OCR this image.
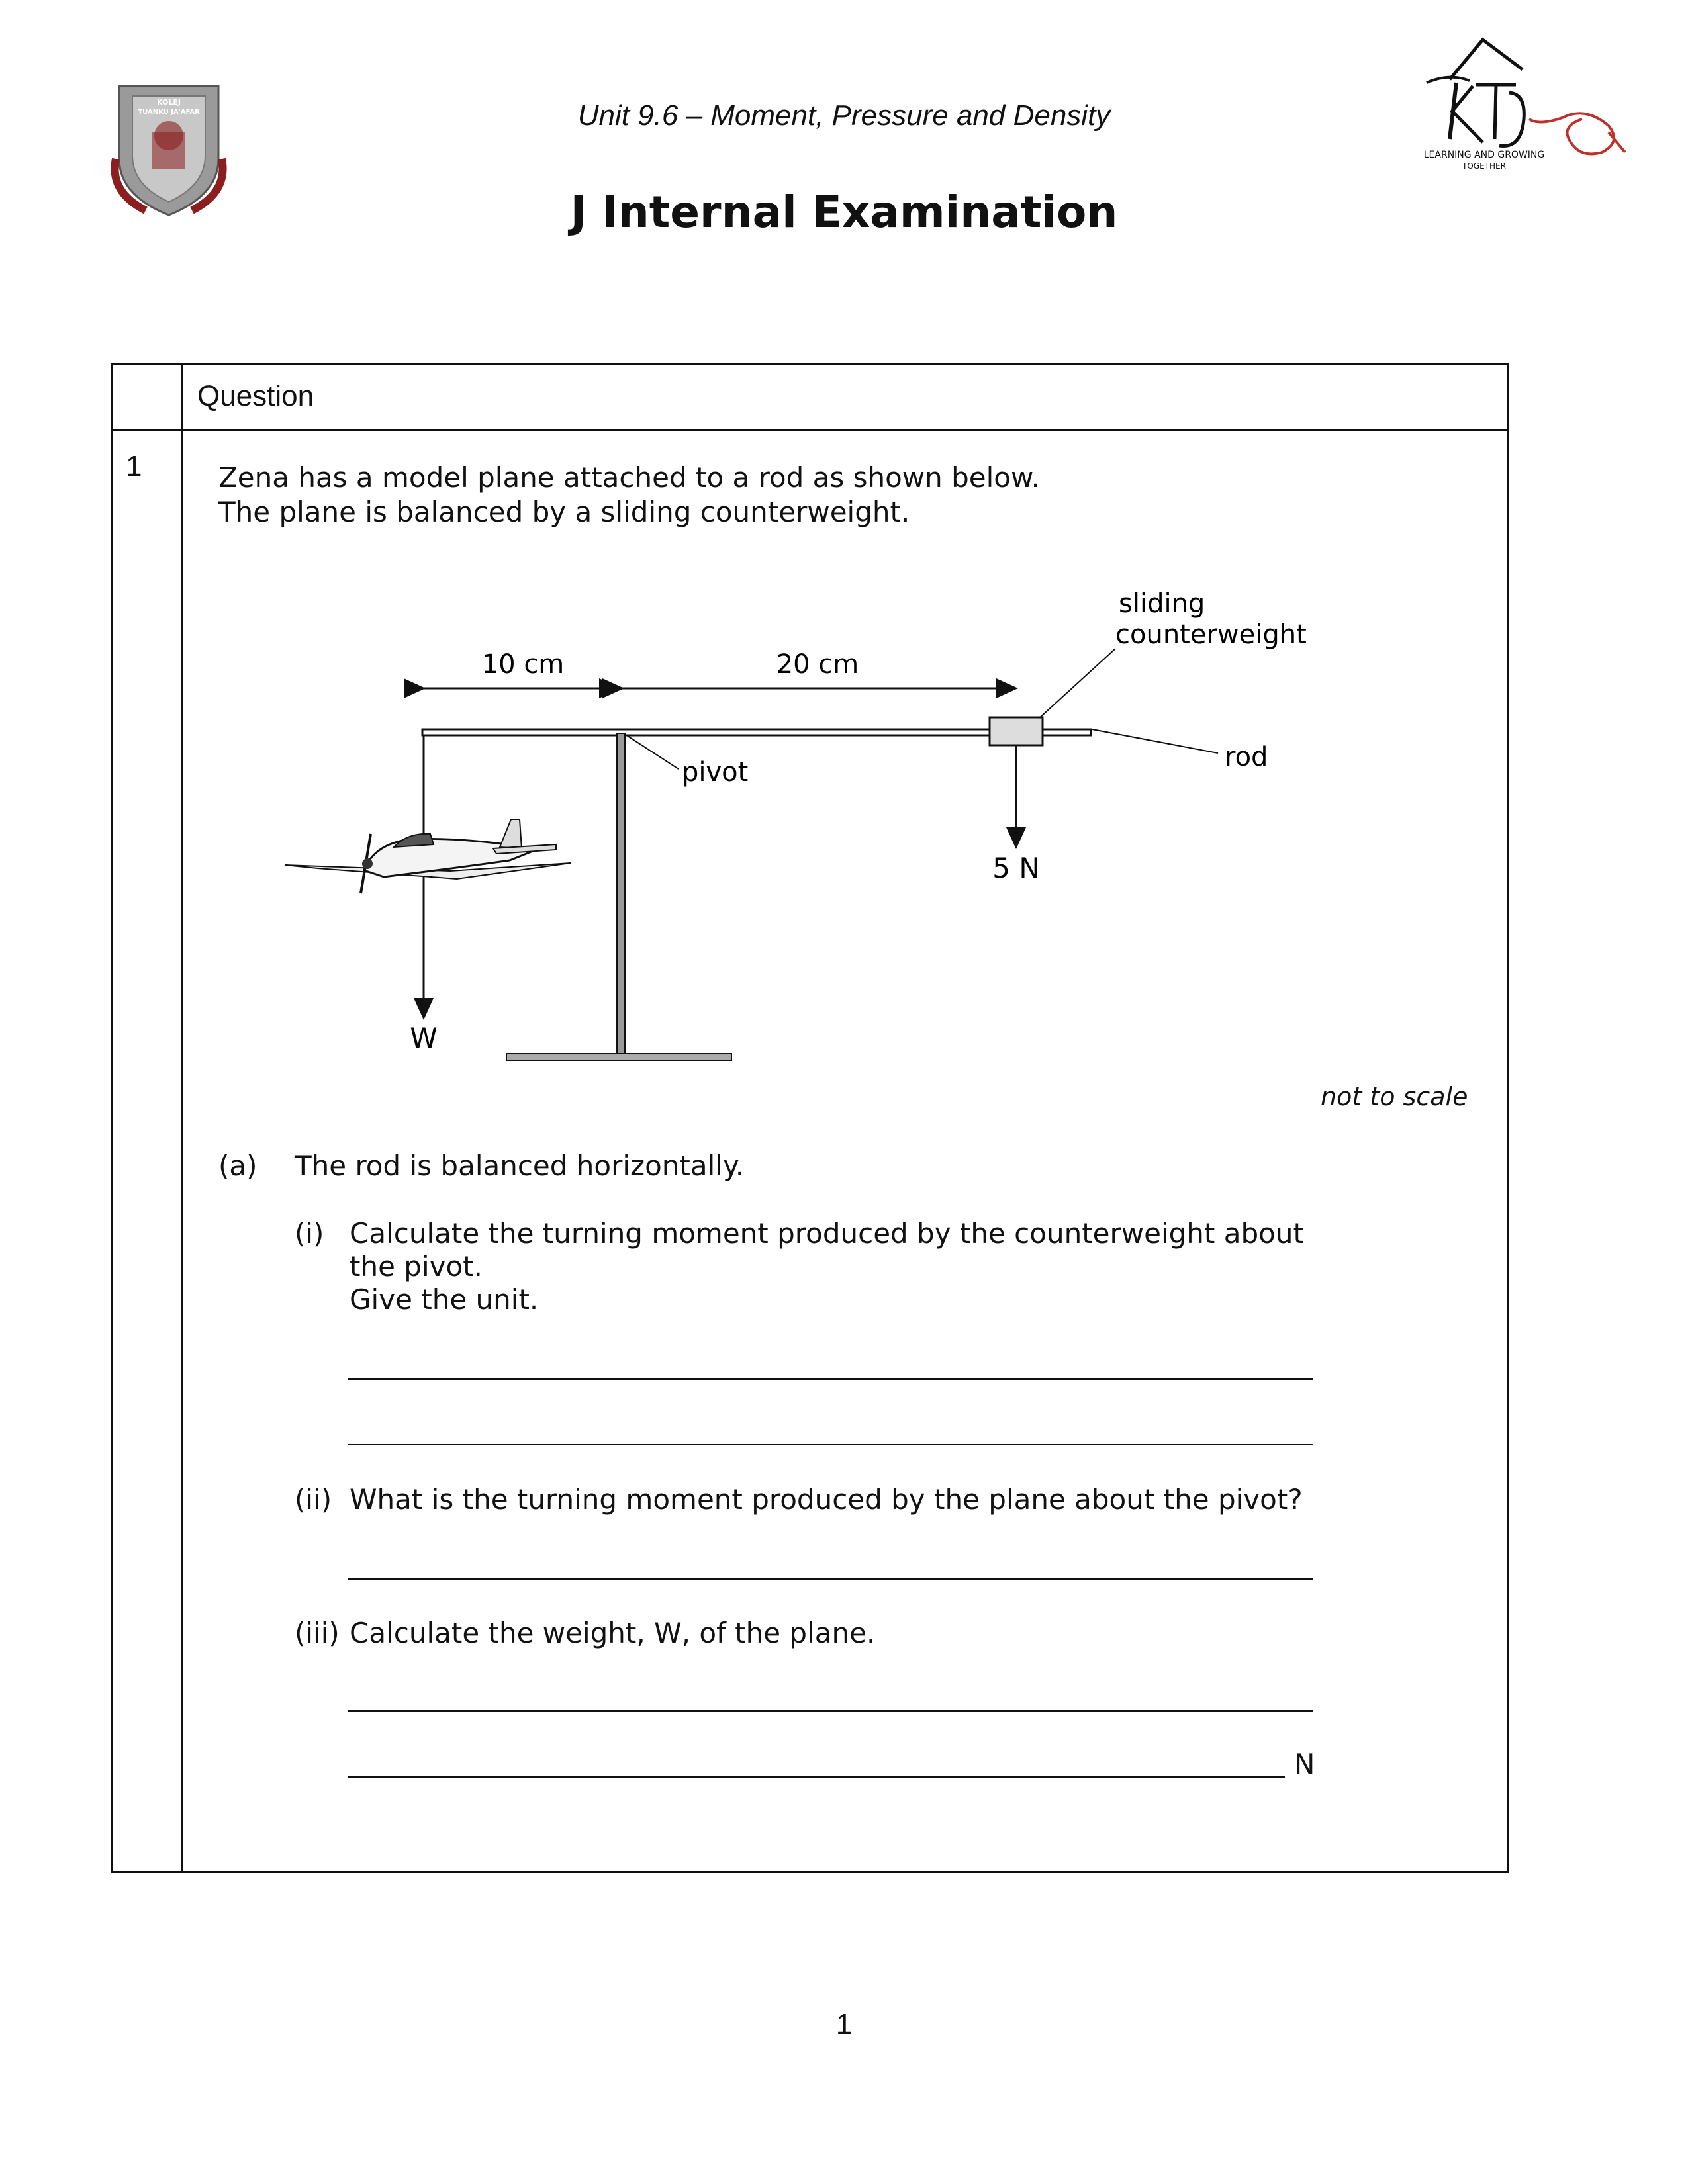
Unit 9.6 – Moment, Pressure and Density
J Internal Examination
KOLEJ
TUANKU JA'AFAR
LEARNING AND GROWING
TOGETHER
Question
1	Zena has a model plane attached to a rod as shown below.
The plane is balanced by a sliding counterweight.
10 cm	20 cm
5 N
sliding
counterweight
rod
pivot
W
not to scale
(a) The rod is balanced horizontally.
(i) Calculate the turning moment produced by the counterweight about
the pivot.
Give the unit.
(ii) What is the turning moment produced by the plane about the pivot?
(iii) Calculate the weight, W, of the plane.
N
1
